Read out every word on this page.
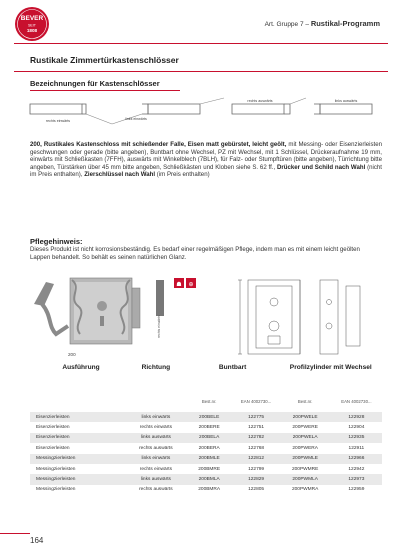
BEVER
SEIT
1808
Art. Gruppe 7 – Rustikal-Programm
Rustikale Zimmertürkastenschlösser
Bezeichnungen für Kastenschlösser
rechts einwärts	links einwärts
rechts auswärts	links auswärts
200, Rustikales Kastenschloss mit schießender Falle, Eisen matt gebürstet, leicht geölt, mit Messing- oder Eisenzierleisten geschwungen oder gerade (bitte angeben), Buntbart ohne Wechsel, PZ mit Wechsel, mit 1 Schlüssel, Drückeraufnahme 19 mm, einwärts mit Schließkasten (7FFH), auswärts mit Winkelblech (7BLH), für Falz- oder Stumpftüren (bitte angeben), Türrichtung bitte angeben, Türstärken über 45 mm bitte angeben, Schließkästen und Kloben siehe S. 62 ff., Drücker und Schild nach Wahl (nicht im Preis enthalten), Zierschlüssel nach Wahl (im Preis enthalten)
Pflegehinweis:
Dieses Produkt ist nicht korrosionsbeständig. Es bedarf einer regelmäßigen Pflege, indem man es mit einem leicht geölten Lappen behandelt. So behält es seinen natürlichen Glanz.
200
rechts einwärts
☗ ⊕
Ausführung	Richtung	Buntbart		Profilzylinder mit Wechsel	
		Best.nr.	EAN 4002730...	Best.nr.	EAN 4002730...
Eisenzierleisten	links einwärts	200BELE	122775	200PWELE	122928
Eisenzierleisten	rechts einwärts	200BERE	122751	200PWERE	122904
Eisenzierleisten	links auswärts	200BELA	122782	200PWELA	122935
Eisenzierleisten	rechts auswärts	200BERA	122768	200PWERA	122911
Messingzierleisten	links einwärts	200BMLE	122812	200PWMLE	122966
Messingzierleisten	rechts einwärts	200BMRE	122799	200PWMRE	122942
Messingzierleisten	links auswärts	200BMLA	122829	200PWMLA	122973
Messingzierleisten	rechts auswärts	200BMRA	122805	200PWMRA	122959
164
